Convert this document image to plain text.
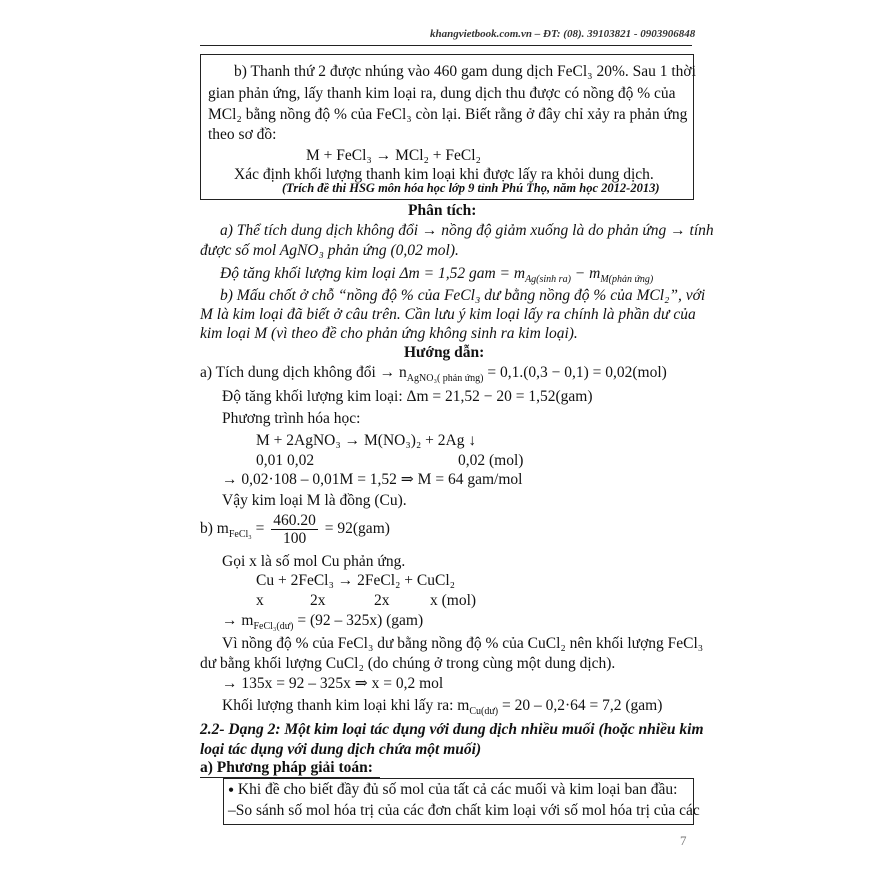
khangvietbook.com.vn – ĐT: (08). 39103821 - 0903906848
b) Thanh thứ 2 được nhúng vào 460 gam dung dịch FeCl₃ 20%. Sau 1 thời
gian phản ứng, lấy thanh kim loại ra, dung dịch thu được có nồng độ % của
MCl₂ bằng nồng độ % của FeCl₃ còn lại. Biết rằng ở đây chỉ xảy ra phản ứng
theo sơ đồ:
M + FeCl₃ → MCl₂ + FeCl₂
Xác định khối lượng thanh kim loại khi được lấy ra khỏi dung dịch.
(Trích đề thi HSG môn hóa học lớp 9 tỉnh Phú Thọ, năm học 2012-2013)
Phân tích:
a) Thể tích dung dịch không đổi → nồng độ giảm xuống là do phản ứng → tính
được số mol AgNO₃ phản ứng (0,02 mol).
Độ tăng khối lượng kim loại Δm = 1,52 gam = $m_{Ag(sinh ra)} - m_{M(phản ứng)}$
b) Mấu chốt ở chỗ “nồng độ % của FeCl₃ dư bằng nồng độ % của MCl₂”, với
M là kim loại đã biết ở câu trên. Cần lưu ý kim loại lấy ra chính là phần dư của
kim loại M (vì theo đề cho phản ứng không sinh ra kim loại).
Hướng dẫn:
a) Tích dung dịch không đổi → $n_{AgNO_3( phản ứng)} = 0,1.(0,3 - 0,1) = 0,02(mol)$
Độ tăng khối lượng kim loại: Δm = 21,52 − 20 = 1,52(gam)
Phương trình hóa học:
M + 2AgNO₃ → M(NO₃)₂ + 2Ag ↓
0,01 0,02	0,02 (mol)
→ 0,02·108 – 0,01M = 1,52 ⇒ M = 64 gam/mol
Vậy kim loại M là đồng (Cu).
b) $m_{FeCl_3} = \frac{460.20}{100} = 92(gam)$
Gọi x là số mol Cu phản ứng.
Cu + 2FeCl₃ → 2FeCl₂ + CuCl₂
x	2x	2x	x (mol)
→ $m_{FeCl_3(dư)} = (92 - 325x)$ (gam)
Vì nồng độ % của FeCl₃ dư bằng nồng độ % của CuCl₂ nên khối lượng FeCl₃
dư bằng khối lượng CuCl₂ (do chúng ở trong cùng một dung dịch).
→ 135x = 92 – 325x ⇒ x = 0,2 mol
Khối lượng thanh kim loại khi lấy ra: $m_{Cu(dư)} = 20 - 0,2\cdot 64 = 7,2$ (gam)
2.2- Dạng 2: Một kim loại tác dụng với dung dịch nhiều muối (hoặc nhiều kim
loại tác dụng với dung dịch chứa một muối)
a) Phương pháp giải toán:
● Khi đề cho biết đầy đủ số mol của tất cả các muối và kim loại ban đầu:
–So sánh số mol hóa trị của các đơn chất kim loại với số mol hóa trị của các
7
